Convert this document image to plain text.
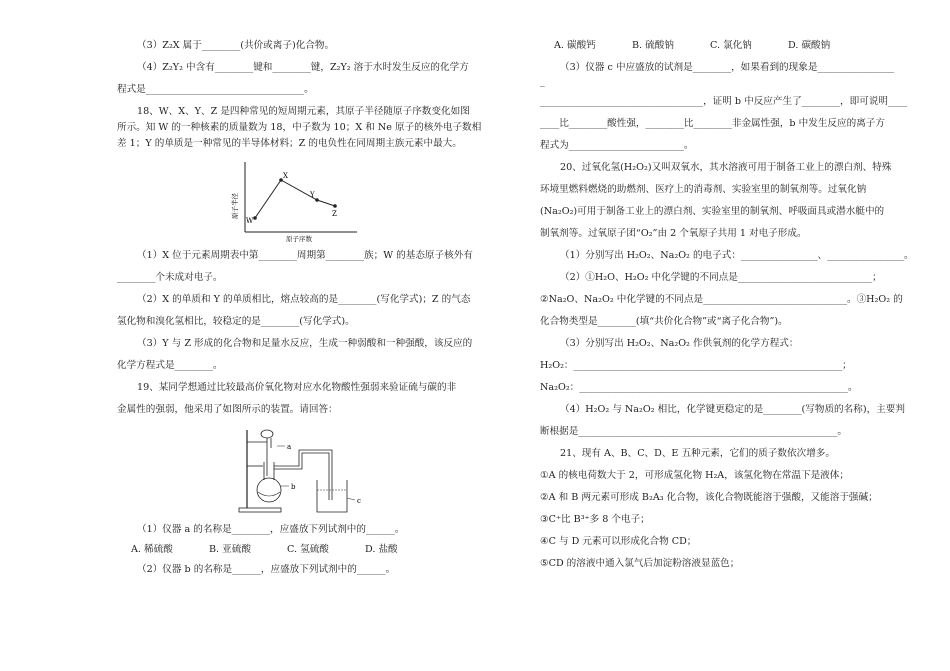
（3）Z₂X 属于________(共价或离子)化合物。

（4）Z₂Y₂ 中含有________键和________键，Z₂Y₂ 溶于水时发生反应的化学方

程式是_________________________________。

18、W、X、Y、Z 是四种常见的短周期元素，其原子半径随原子序数变化如图

所示。知 W 的一种核素的质量数为 18，中子数为 10；X 和 Ne 原子的核外电子数相

差 1；Y 的单质是一种常见的半导体材料；Z 的电负性在同周期主族元素中最大。

W
X
Y
Z
原子半径
原子序数

（1）X 位于元素周期表中第________周期第________族；W 的基态原子核外有

________个未成对电子。

（2）X 的单质和 Y 的单质相比，熔点较高的是________(写化学式)；Z 的气态

氢化物和溴化氢相比，较稳定的是________(写化学式)。

（3）Y 与 Z 形成的化合物和足量水反应，生成一种弱酸和一种强酸，该反应的

化学方程式是________。

19、某同学想通过比较最高价氧化物对应水化物酸性强弱来验证硫与碳的非

金属性的强弱，他采用了如图所示的装置。请回答：

a
b
c

（1）仪器 a 的名称是________，应盛放下列试剂中的______。

A. 稀硫酸	B. 亚硫酸	C. 氢硫酸	D. 盐酸

（2）仪器 b 的名称是______，应盛放下列试剂中的______。

A. 碳酸钙	B. 硫酸钠	C. 氯化钠	D. 碳酸钠

（3）仪器 c 中应盛放的试剂是________，如果看到的现象是________________

_

__________________________________，证明 b 中反应产生了________，即可说明____

____比________酸性强，________比________非金属性强，b 中发生反应的离子方

程式为________________________。

20、过氧化氢(H₂O₂)又叫双氧水，其水溶液可用于制备工业上的漂白剂、特殊

环境里燃料燃烧的助燃剂、医疗上的消毒剂、实验室里的制氧剂等。过氧化钠

(Na₂O₂)可用于制备工业上的漂白剂、实验室里的制氧剂、呼吸面具或潜水艇中的

制氧剂等。过氧原子团“O₂”由 2 个氧原子共用 1 对电子形成。

（1）分别写出 H₂O₂、Na₂O₂ 的电子式：________________、________________。

（2）①H₂O、H₂O₂ 中化学键的不同点是____________________________；

②Na₂O、Na₂O₂ 中化学键的不同点是______________________________。③H₂O₂ 的

化合物类型是________(填“共价化合物”或“离子化合物”)。

（3）分别写出 H₂O₂、Na₂O₂ 作供氧剂的化学方程式：

H₂O₂：________________________________________________________；

Na₂O₂：________________________________________________________。

（4）H₂O₂ 与 Na₂O₂ 相比，化学键更稳定的是________(写物质的名称)，主要判

断根据是______________________________________________________。

21、现有 A、B、C、D、E 五种元素，它们的质子数依次增多。

①A 的核电荷数大于 2，可形成氢化物 H₂A，该氢化物在常温下是液体；

②A 和 B 两元素可形成 B₂A₃ 化合物，该化合物既能溶于强酸，又能溶于强碱；

③C⁺比 B³⁺多 8 个电子；

④C 与 D 元素可以形成化合物 CD；

⑤CD 的溶液中通入氯气后加淀粉溶液显蓝色；
